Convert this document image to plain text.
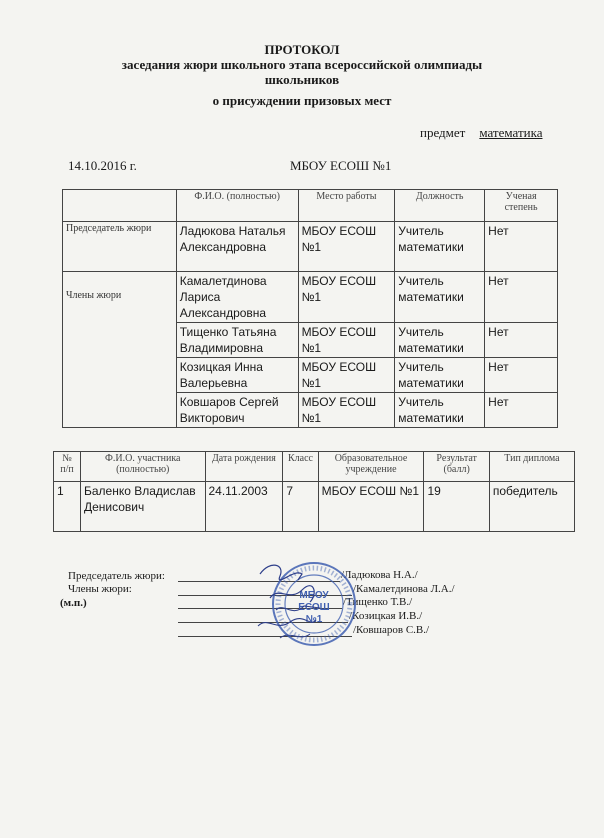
ПРОТОКОЛ
заседания жюри школьного этапа всероссийской олимпиады
школьников
о присуждении призовых мест
предмет математика
14.10.2016 г.	МБОУ ЕСОШ №1
	Ф.И.О. (полностью)	Место работы	Должность	Ученая степень
Председатель жюри	Ладюкова Наталья Александровна	МБОУ ЕСОШ №1	Учитель математики	Нет
Члены жюри	Камалетдинова Лариса Александровна	МБОУ ЕСОШ №1	Учитель математики	Нет
	Тищенко Татьяна Владимировна	МБОУ ЕСОШ №1	Учитель математики	Нет
	Козицкая Инна Валерьевна	МБОУ ЕСОШ №1	Учитель математики	Нет
	Ковшаров Сергей Викторович	МБОУ ЕСОШ №1	Учитель математики	Нет
№ п/п	Ф.И.О. участника (полностью)	Дата рождения	Класс	Образовательное учреждение	Результат (балл)	Тип диплома
1	Баленко Владислав Денисович	24.11.2003	7	МБОУ ЕСОШ №1	19	победитель
Председатель жюри:
Члены жюри:
(м.п.)
/Ладюкова Н.А./
/Камалетдинова Л.А./
/Тищенко Т.В./
/Козицкая И.В./
/Ковшаров С.В./
МБОУ
ЕСОШ
№1
